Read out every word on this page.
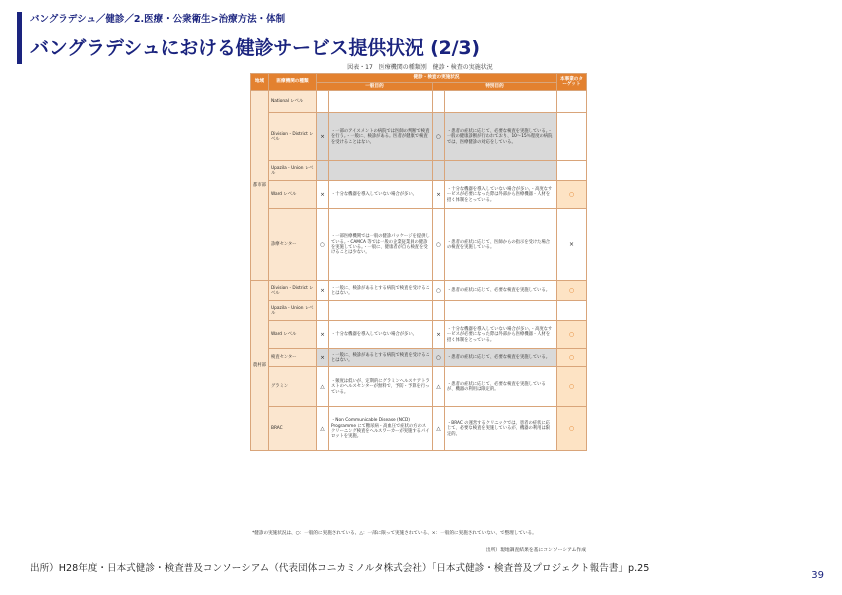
バングラデシュ／健診／2.医療・公衆衛生>治療方法・体制
バングラデシュにおける健診サービス提供状況 (2/3)
図表・17　医療機関の種類別　健診・検査の実施状況
地域	医療機関の種類	健診・検査の実施状況				本事業のターゲット
		一般目的		特別目的		
都市部	National レベル					
	Division・District レベル	×	・一部のアイスメントの病院では医師の判断で検査を行う。・一般に、検診がある。医者が健康で検査を受けることはない。	○	・患者の症状に応じて、必要な検査を実施している。・一般の健康診断が行われており、10～15％程度の病院では、医療健診の対応をしている。	
	Upazila・Union レベル					
	Ward レベル	×	・十分な機器を導入していない場合が多い。	×	・十分な機器を導入していない場合が多い。・高度なサービスが必要になった際は外部から医療機器・人材を招く体制をとっている。	○
	診療センター	○	・一部医療機関では一般の健診パッケージを提供している。・CAMCA 等では一般の企業従業員の健診を実施している。・一般に、健康者が自ら検査を受けることは少ない。	○	・患者の症状に応じて、医師からの指示を受けた場合の検査を実施している。	×
農村部	Division・District レベル	×	・一般に、検診があるとする病院で検査を受けることはない。	○	・患者の症状に応じて、必要な検査を実施している。	○
	Upazila・Union レベル					
	Ward レベル	×	・十分な機器を導入していない場合が多い。	×	・十分な機器を導入していない場合が多い。・高度なサービスが必要になった際は外部から医療機器・人材を招く体制をとっている。	○
	検査センター	×	・一般に、検診があるとする病院で検査を受けることはない。	○	・患者の症状に応じて、必要な検査を実施している。	○
	グラミン	△	・頻度は低いが、定期的にグラミンヘルスケアトラストのヘルスセンターが無料で、予防・予算を行っている。	△	・患者の症状に応じて、必要な検査を実施しているが、機器の利用は限定的。	○
	BRAC	△	・Non Communicable Disease (NCD) Programme にて糖尿病・高血圧で症状の方のスクリーニング検査をヘルスワーカーが実施するパイロットを実施。	△	・BRAC の運営するクリニックでは、患者の症状に応じて、必要な検査を実施しているが、機器の利用は限定的。	○
*健診の実施状況は、○：一般的に実施されている、△：一部に限って実施されている、×：一般的に実施されていない、で整理している。
出所）現地調査結果を基にコンソーシアム作成
出所）H28年度・日本式健診・検査普及コンソーシアム（代表団体コニカミノルタ株式会社）「日本式健診・検査普及プロジェクト報告書」p.25
39
